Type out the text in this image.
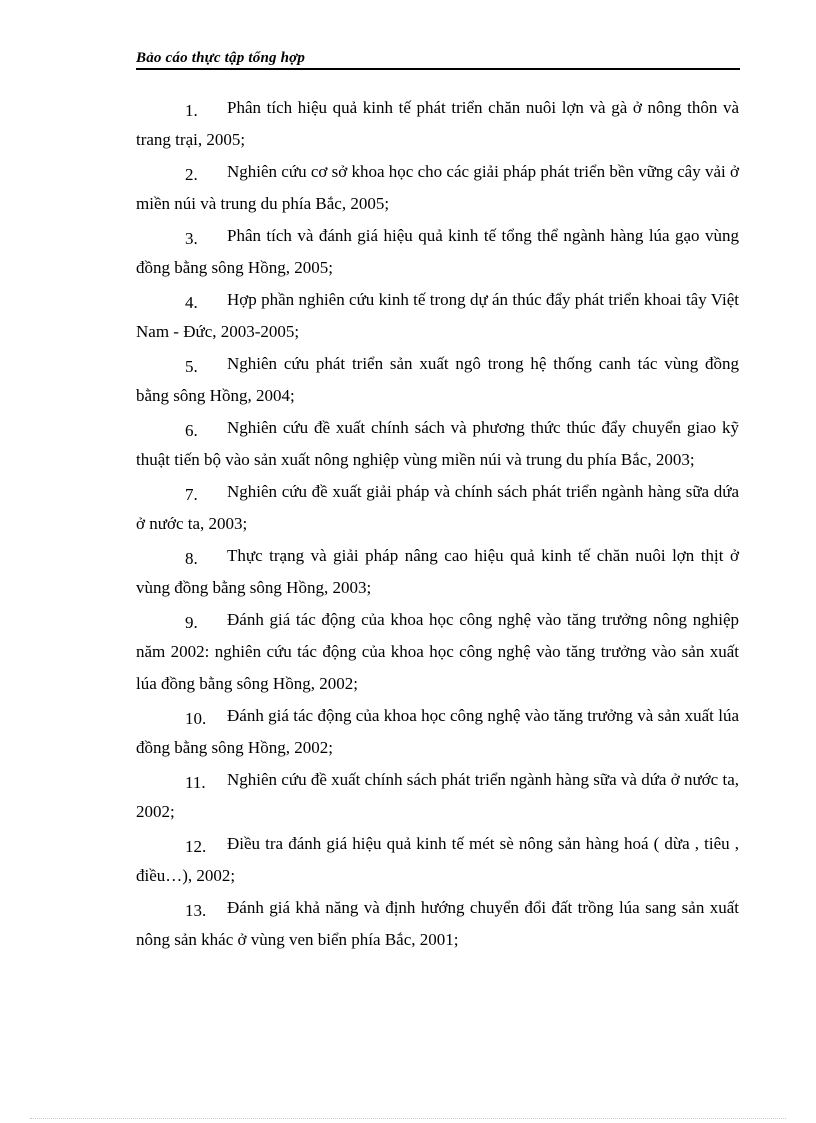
Bảo cáo thực tập tổng hợp
1. Phân tích hiệu quả kinh tế phát triển chăn nuôi lợn và gà ở nông thôn và trang trại, 2005;
2. Nghiên cứu cơ sở khoa học cho các giải pháp phát triển bền vững cây vải ở miền núi và trung du phía Bắc, 2005;
3. Phân tích và đánh giá hiệu quả kinh tế tổng thể ngành hàng lúa gạo vùng đồng bằng sông Hồng, 2005;
4. Hợp phần nghiên cứu kinh tế trong dự án thúc đẩy phát triển khoai tây Việt Nam - Đức, 2003-2005;
5. Nghiên cứu phát triển sản xuất ngô trong hệ thống canh tác vùng đồng bằng sông Hồng, 2004;
6. Nghiên cứu đề xuất chính sách và phương thức thúc đẩy chuyển giao kỹ thuật tiến bộ vào sản xuất nông nghiệp vùng miền núi và trung du phía Bắc, 2003;
7. Nghiên cứu đề xuất giải pháp và chính sách phát triển ngành hàng sữa dứa ở nước ta, 2003;
8. Thực trạng và giải pháp nâng cao hiệu quả kinh tế chăn nuôi lợn thịt ở vùng đồng bằng sông Hồng, 2003;
9. Đánh giá tác động của khoa học công nghệ vào tăng trưởng nông nghiệp năm 2002: nghiên cứu tác động của khoa học công nghệ vào tăng trưởng vào sản xuất lúa đồng bằng sông Hồng, 2002;
10. Đánh giá tác động của khoa học công nghệ vào tăng trưởng và sản xuất lúa đồng bằng sông Hồng, 2002;
11. Nghiên cứu đề xuất chính sách phát triển ngành hàng sữa và dứa ở nước ta, 2002;
12. Điều tra đánh giá hiệu quả kinh tế mét sè nông sản hàng hoá ( dừa , tiêu , điều…), 2002;
13. Đánh giá khả năng và định hướng chuyển đổi đất trồng lúa sang sản xuất nông sản khác ở vùng ven biển phía Bắc, 2001;
